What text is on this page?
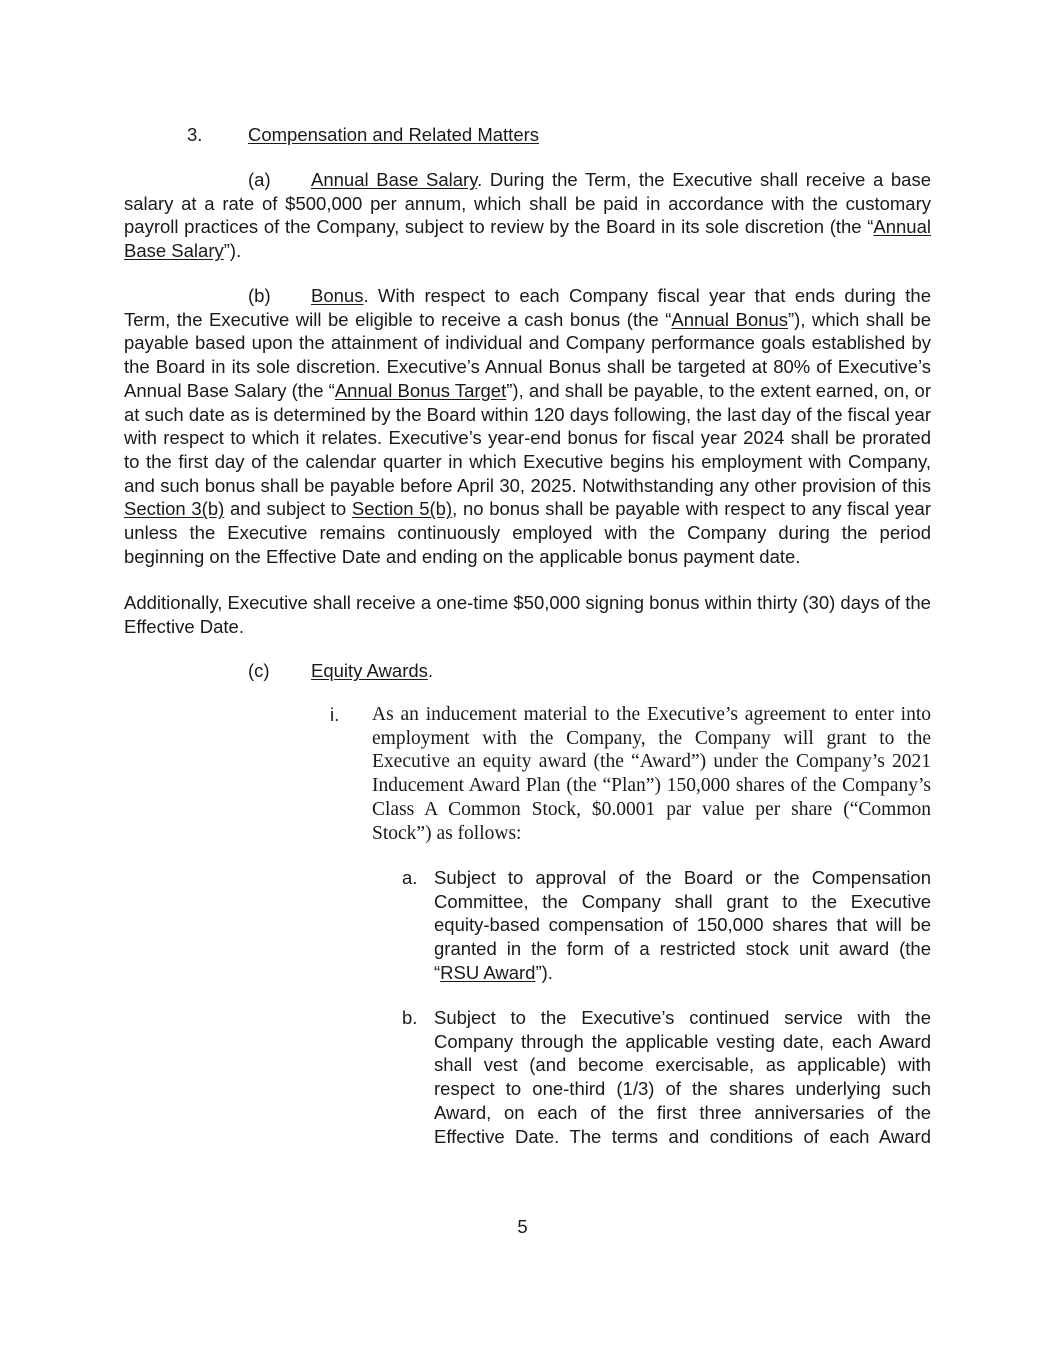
3. Compensation and Related Matters

(a) Annual Base Salary. During the Term, the Executive shall receive a base salary at a rate of $500,000 per annum, which shall be paid in accordance with the customary payroll practices of the Company, subject to review by the Board in its sole discretion (the “Annual Base Salary”).

(b) Bonus. With respect to each Company fiscal year that ends during the Term, the Executive will be eligible to receive a cash bonus (the “Annual Bonus”), which shall be payable based upon the attainment of individual and Company performance goals established by the Board in its sole discretion. Executive’s Annual Bonus shall be targeted at 80% of Executive’s Annual Base Salary (the “Annual Bonus Target”), and shall be payable, to the extent earned, on, or at such date as is determined by the Board within 120 days following, the last day of the fiscal year with respect to which it relates. Executive’s year-end bonus for fiscal year 2024 shall be prorated to the first day of the calendar quarter in which Executive begins his employment with Company, and such bonus shall be payable before April 30, 2025. Notwithstanding any other provision of this Section 3(b) and subject to Section 5(b), no bonus shall be payable with respect to any fiscal year unless the Executive remains continuously employed with the Company during the period beginning on the Effective Date and ending on the applicable bonus payment date.

Additionally, Executive shall receive a one-time $50,000 signing bonus within thirty (30) days of the Effective Date.

(c) Equity Awards.
i. As an inducement material to the Executive’s agreement to enter into employment with the Company, the Company will grant to the Executive an equity award (the “Award”) under the Company’s 2021 Inducement Award Plan (the “Plan”) 150,000 shares of the Company’s Class A Common Stock, $0.0001 par value per share (“Common Stock”) as follows:

a. Subject to approval of the Board or the Compensation Committee, the Company shall grant to the Executive equity-based compensation of 150,000 shares that will be granted in the form of a restricted stock unit award (the “RSU Award”).

b. Subject to the Executive’s continued service with the Company through the applicable vesting date, each Award shall vest (and become exercisable, as applicable) with respect to one-third (1/3) of the shares underlying such Award, on each of the first three anniversaries of the Effective Date. The terms and conditions of each Award

5
